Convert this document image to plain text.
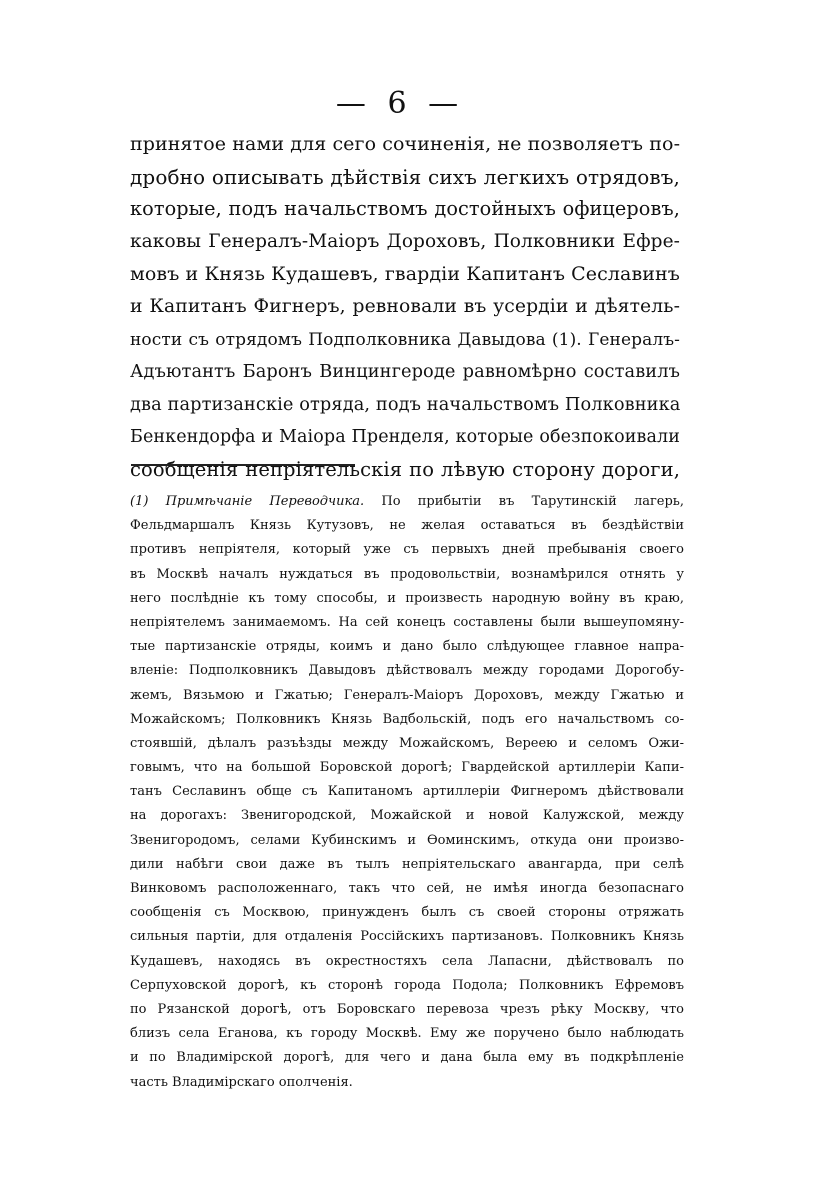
— 6 —
принятое нами для сего сочиненія, не позволяетъ по-
дробно описывать дѣйствія сихъ легкихъ отрядовъ,
которые, подъ начальствомъ достойныхъ офицеровъ,
каковы Генералъ-Маіоръ Дороховъ, Полковники Ефре-
мовъ и Князь Кудашевъ, гвардіи Капитанъ Сеславинъ
и Капитанъ Фигнеръ, ревновали въ усердіи и дѣятель-
ности съ отрядомъ Подполковника Давыдова (1). Генералъ-
Адъютантъ Баронъ Винцингероде равномѣрно составилъ
два партизанскіе отряда, подъ начальствомъ Полковника
Бенкендорфа и Маіора Пренделя, которые обезпокоивали
сообщенія непріятельскія по лѣвую сторону дороги,
(1) Примѣчаніе Переводчика. По прибытіи въ Тарутинскій лагерь,
Фельдмаршалъ Князь Кутузовъ, не желая оставаться въ бездѣйствіи
противъ непріятеля, который уже съ первыхъ дней пребыванія своего
въ Москвѣ началъ нуждаться въ продовольствіи, вознамѣрился отнять у
него послѣдніе къ тому способы, и произвесть народную войну въ краю,
непріятелемъ занимаемомъ. На сей конецъ составлены были вышеупомяну-
тые партизанскіе отряды, коимъ и дано было слѣдующее главное напра-
вленіе: Подполковникъ Давыдовъ дѣйствовалъ между городами Дорогобу-
жемъ, Вязьмою и Гжатью; Генералъ-Маіоръ Дороховъ, между Гжатью и
Можайскомъ; Полковникъ Князь Вадбольскій, подъ его начальствомъ со-
стоявшій, дѣлалъ разъѣзды между Можайскомъ, Вереею и селомъ Ожи-
говымъ, что на большой Боровской дорогѣ; Гвардейской артиллеріи Капи-
танъ Сеславинъ обще съ Капитаномъ артиллеріи Фигнеромъ дѣйствовали
на дорогахъ: Звенигородской, Можайской и новой Калужской, между
Звенигородомъ, селами Кубинскимъ и Ѳоминскимъ, откуда они произво-
дили набѣги свои даже въ тылъ непріятельскаго авангарда, при селѣ
Винковомъ расположеннаго, такъ что сей, не имѣя иногда безопаснаго
сообщенія съ Москвою, принужденъ былъ съ своей стороны отряжать
сильныя партіи, для отдаленія Россійскихъ партизановъ. Полковникъ Князь
Кудашевъ, находясь въ окрестностяхъ села Лапасни, дѣйствовалъ по
Серпуховской дорогѣ, къ сторонѣ города Подола; Полковникъ Ефремовъ
по Рязанской дорогѣ, отъ Боровскаго перевоза чрезъ рѣку Москву, что
близъ села Еганова, къ городу Москвѣ. Ему же поручено было наблюдать
и по Владимірской дорогѣ, для чего и дана была ему въ подкрѣпленіе
часть Владимірскаго ополченія.
